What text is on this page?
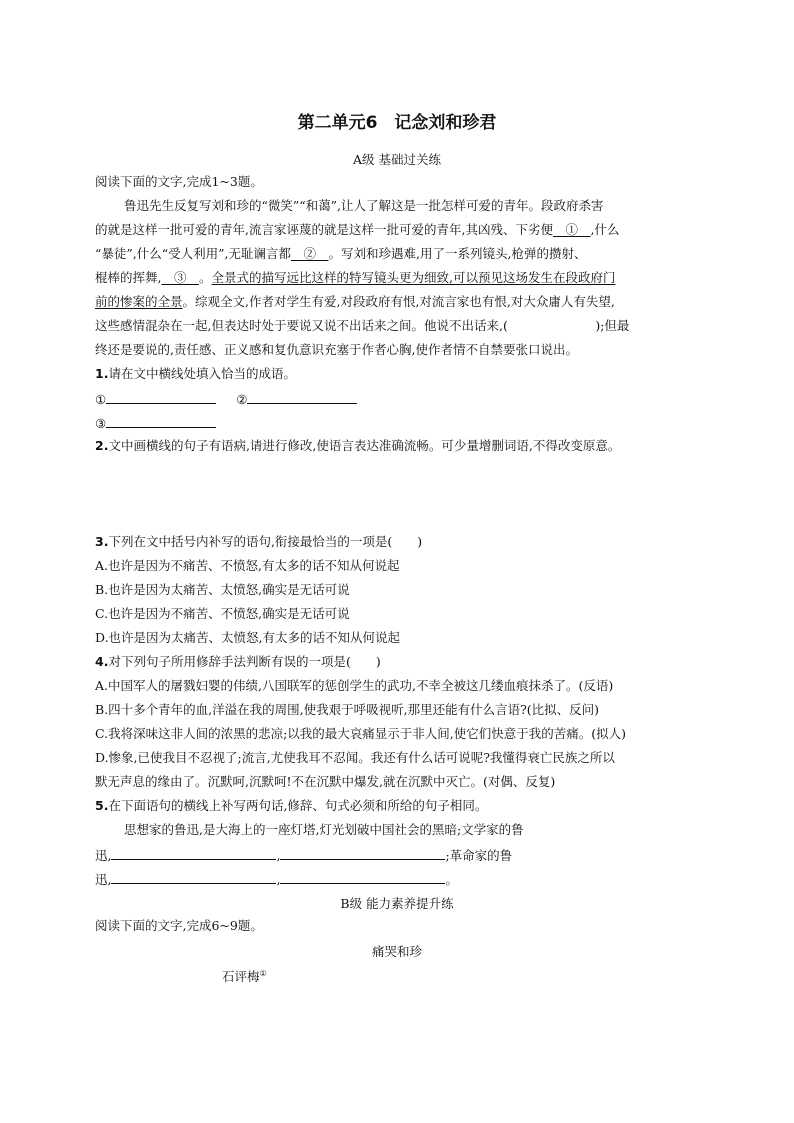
第二单元6　记念刘和珍君
A级 基础过关练
阅读下面的文字,完成1~3题。
鲁迅先生反复写刘和珍的“微笑”“和蔼”,让人了解这是一批怎样可爱的青年。段政府杀害
的就是这样一批可爱的青年,流言家诬蔑的就是这样一批可爱的青年,其凶残、下劣便　①　,什么
“暴徒”,什么“受人利用”,无耻谰言都　②　。写刘和珍遇难,用了一系列镜头,枪弹的攒射、
棍棒的挥舞,　③　。全景式的描写远比这样的特写镜头更为细致,可以预见这场发生在段政府门
前的惨案的全景。综观全文,作者对学生有爱,对段政府有恨,对流言家也有恨,对大众庸人有失望,
这些感情混杂在一起,但表达时处于要说又说不出话来之间。他说不出话来,(　　　　　　　);但最
终还是要说的,责任感、正义感和复仇意识充塞于作者心胸,使作者情不自禁要张口说出。
1.请在文中横线处填入恰当的成语。
①	②
③
2.文中画横线的句子有语病,请进行修改,使语言表达准确流畅。可少量增删词语,不得改变原意。
3.下列在文中括号内补写的语句,衔接最恰当的一项是(　　)
A.也许是因为不痛苦、不愤怒,有太多的话不知从何说起
B.也许是因为太痛苦、太愤怒,确实是无话可说
C.也许是因为不痛苦、不愤怒,确实是无话可说
D.也许是因为太痛苦、太愤怒,有太多的话不知从何说起
4.对下列句子所用修辞手法判断有误的一项是(　　)
A.中国军人的屠戮妇婴的伟绩,八国联军的惩创学生的武功,不幸全被这几缕血痕抹杀了。(反语)
B.四十多个青年的血,洋溢在我的周围,使我艰于呼吸视听,那里还能有什么言语?(比拟、反问)
C.我将深味这非人间的浓黑的悲凉;以我的最大哀痛显示于非人间,使它们快意于我的苦痛。(拟人)
D.惨象,已使我目不忍视了;流言,尤使我耳不忍闻。我还有什么话可说呢?我懂得衰亡民族之所以
默无声息的缘由了。沉默呵,沉默呵!不在沉默中爆发,就在沉默中灭亡。(对偶、反复)
5.在下面语句的横线上补写两句话,修辞、句式必须和所给的句子相同。
思想家的鲁迅,是大海上的一座灯塔,灯光划破中国社会的黑暗;文学家的鲁
迅,	,	;革命家的鲁
迅,	,	。
B级 能力素养提升练
阅读下面的文字,完成6~9题。
痛哭和珍
石评梅①
